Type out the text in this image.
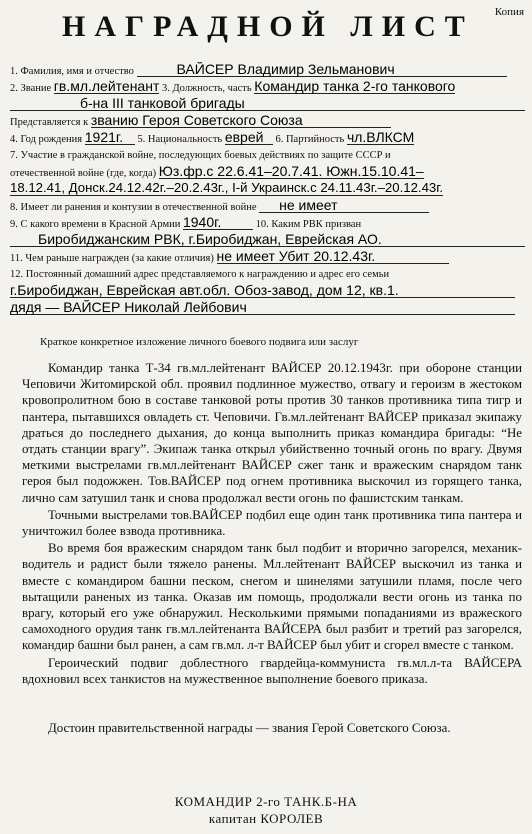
Копия
НАГРАДНОЙ ЛИСТ
1. Фамилия, имя и отчество	ВАЙСЕР Владимир Зельманович
2. Звание гв.мл.лейтенант 3. Должность, часть Командир танка 2-го танкового
б-на III танковой бригады
Представляется к званию Героя Советского Союза
4. Год рождения 1921г. 5. Национальность еврей 6. Партийность чл.ВЛКСМ
7. Участие в гражданской войне, последующих боевых действиях по защите СССР и
отечественной войне (где, когда) Юз.фр.с 22.6.41–20.7.41. Южн.15.10.41–
18.12.41, Донск.24.12.42г.–20.2.43г., I-й Украинск.с 24.11.43г.–20.12.43г.
8. Имеет ли ранения и контузии в отечественной войне не имеет
9. С какого времени в Красной Армии 1940г.	10. Каким РВК призван
Биробиджанским РВК, г.Биробиджан, Еврейская АО.
11. Чем раньше награжден (за какие отличия) не имеет Убит 20.12.43г.
12. Постоянный домашний адрес представляемого к награждению и адрес его семьи
г.Биробиджан, Еврейская авт.обл. Обоз-завод, дом 12, кв.1.
дядя — ВАЙСЕР Николай Лейбович
Краткое конкретное изложение личного боевого подвига или заслуг

Командир танка Т-34 гв.мл.лейтенант ВАЙСЕР 20.12.1943г. при обороне станции Чеповичи Житомирской обл. проявил подлинное мужество, отвагу и героизм в жестоком кровопролитном бою в составе танковой роты против 30 танков противника типа тигр и пантера, пытавшихся овладеть ст. Чеповичи. Гв.мл.лейтенант ВАЙСЕР приказал экипажу драться до последнего дыхания, до конца выполнить приказ командира бригады: “Не отдать станции врагу”. Экипаж танка открыл убийственно точный огонь по врагу. Двумя меткими выстрелами гв.мл.лейтенант ВАЙСЕР сжег танк и вражеским снарядом танк героя был подожжен. Тов.ВАЙСЕР под огнем противника выскочил из горящего танка, лично сам затушил танк и снова продолжал вести огонь по фашистским танкам.

Точными выстрелами тов.ВАЙСЕР подбил еще один танк противника типа пантера и уничтожил более взвода противника.

Во время боя вражеским снарядом танк был подбит и вторично загорелся, механик-водитель и радист были тяжело ранены. Мл.лейтенант ВАЙСЕР выскочил из танка и вместе с командиром башни песком, снегом и шинелями затушили пламя, после чего вытащили раненых из танка. Оказав им помощь, продолжали вести огонь из танка по врагу, который его уже обнаружил. Несколькими прямыми попаданиями из вражеского самоходного орудия танк гв.мл.лейтенанта ВАЙСЕРА был разбит и третий раз загорелся, командир башни был ранен, а сам гв.мл. л-т ВАЙСЕР был убит и сгорел вместе с танком.

Героический подвиг доблестного гвардейца-коммуниста гв.мл.л-та ВАЙСЕРА вдохновил всех танкистов на мужественное выполнение боевого приказа.

Достоин правительственной награды — звания Герой Советского Союза.

КОМАНДИР 2-го ТАНК.Б-НА
капитан КОРОЛЕВ
